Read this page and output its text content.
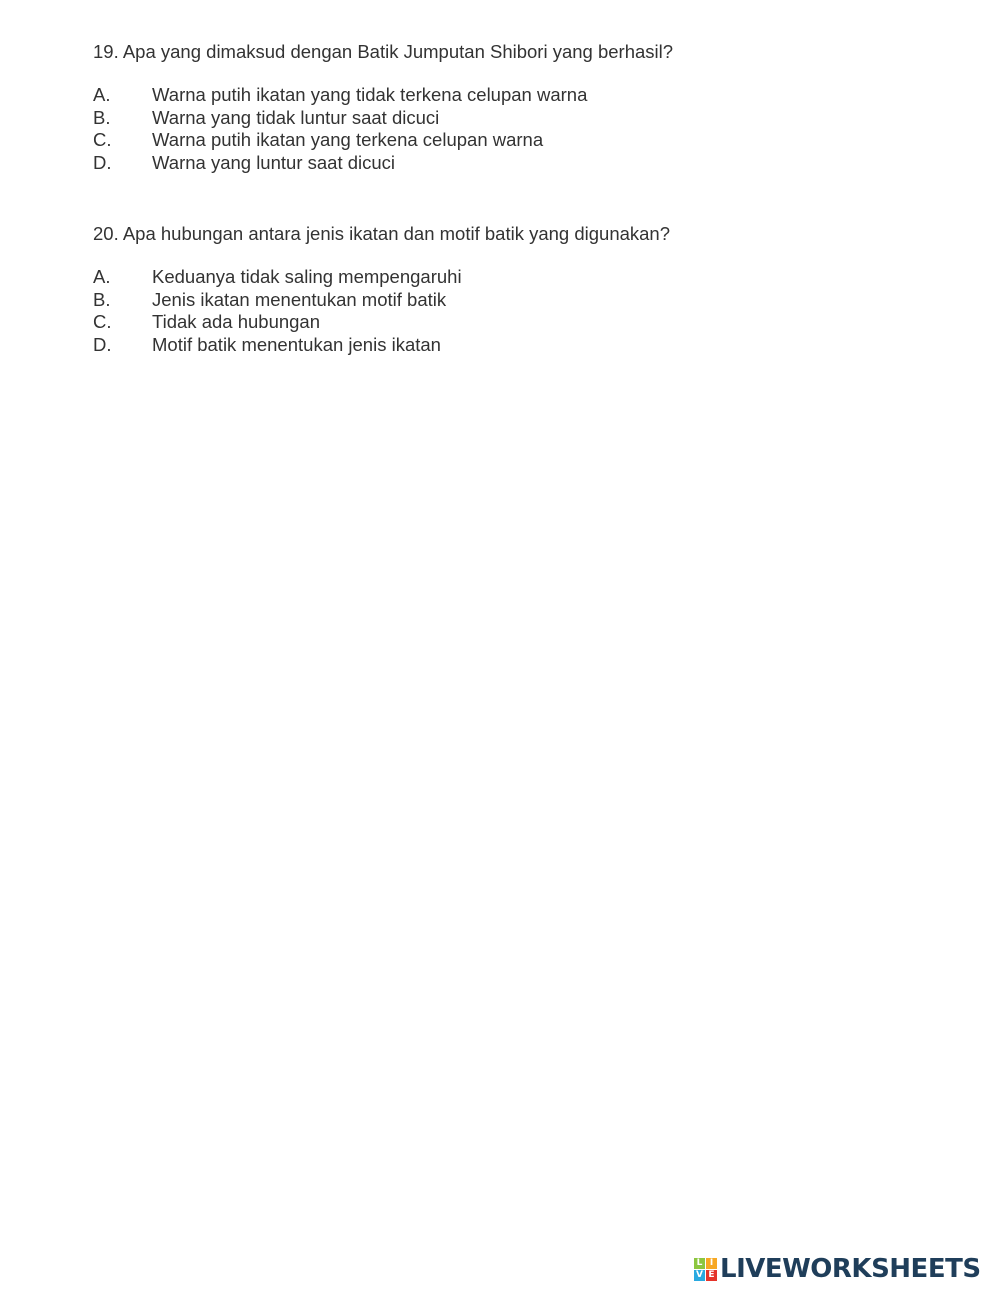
19. Apa yang dimaksud dengan Batik Jumputan Shibori yang berhasil?

A.	Warna putih ikatan yang tidak terkena celupan warna
B.	Warna yang tidak luntur saat dicuci
C.	Warna putih ikatan yang terkena celupan warna
D.	Warna yang luntur saat dicuci

20. Apa hubungan antara jenis ikatan dan motif batik yang digunakan?

A.	Keduanya tidak saling mempengaruhi
B.	Jenis ikatan menentukan motif batik
C.	Tidak ada hubungan
D.	Motif batik menentukan jenis ikatan
L I
V E LIVEWORKSHEETS
